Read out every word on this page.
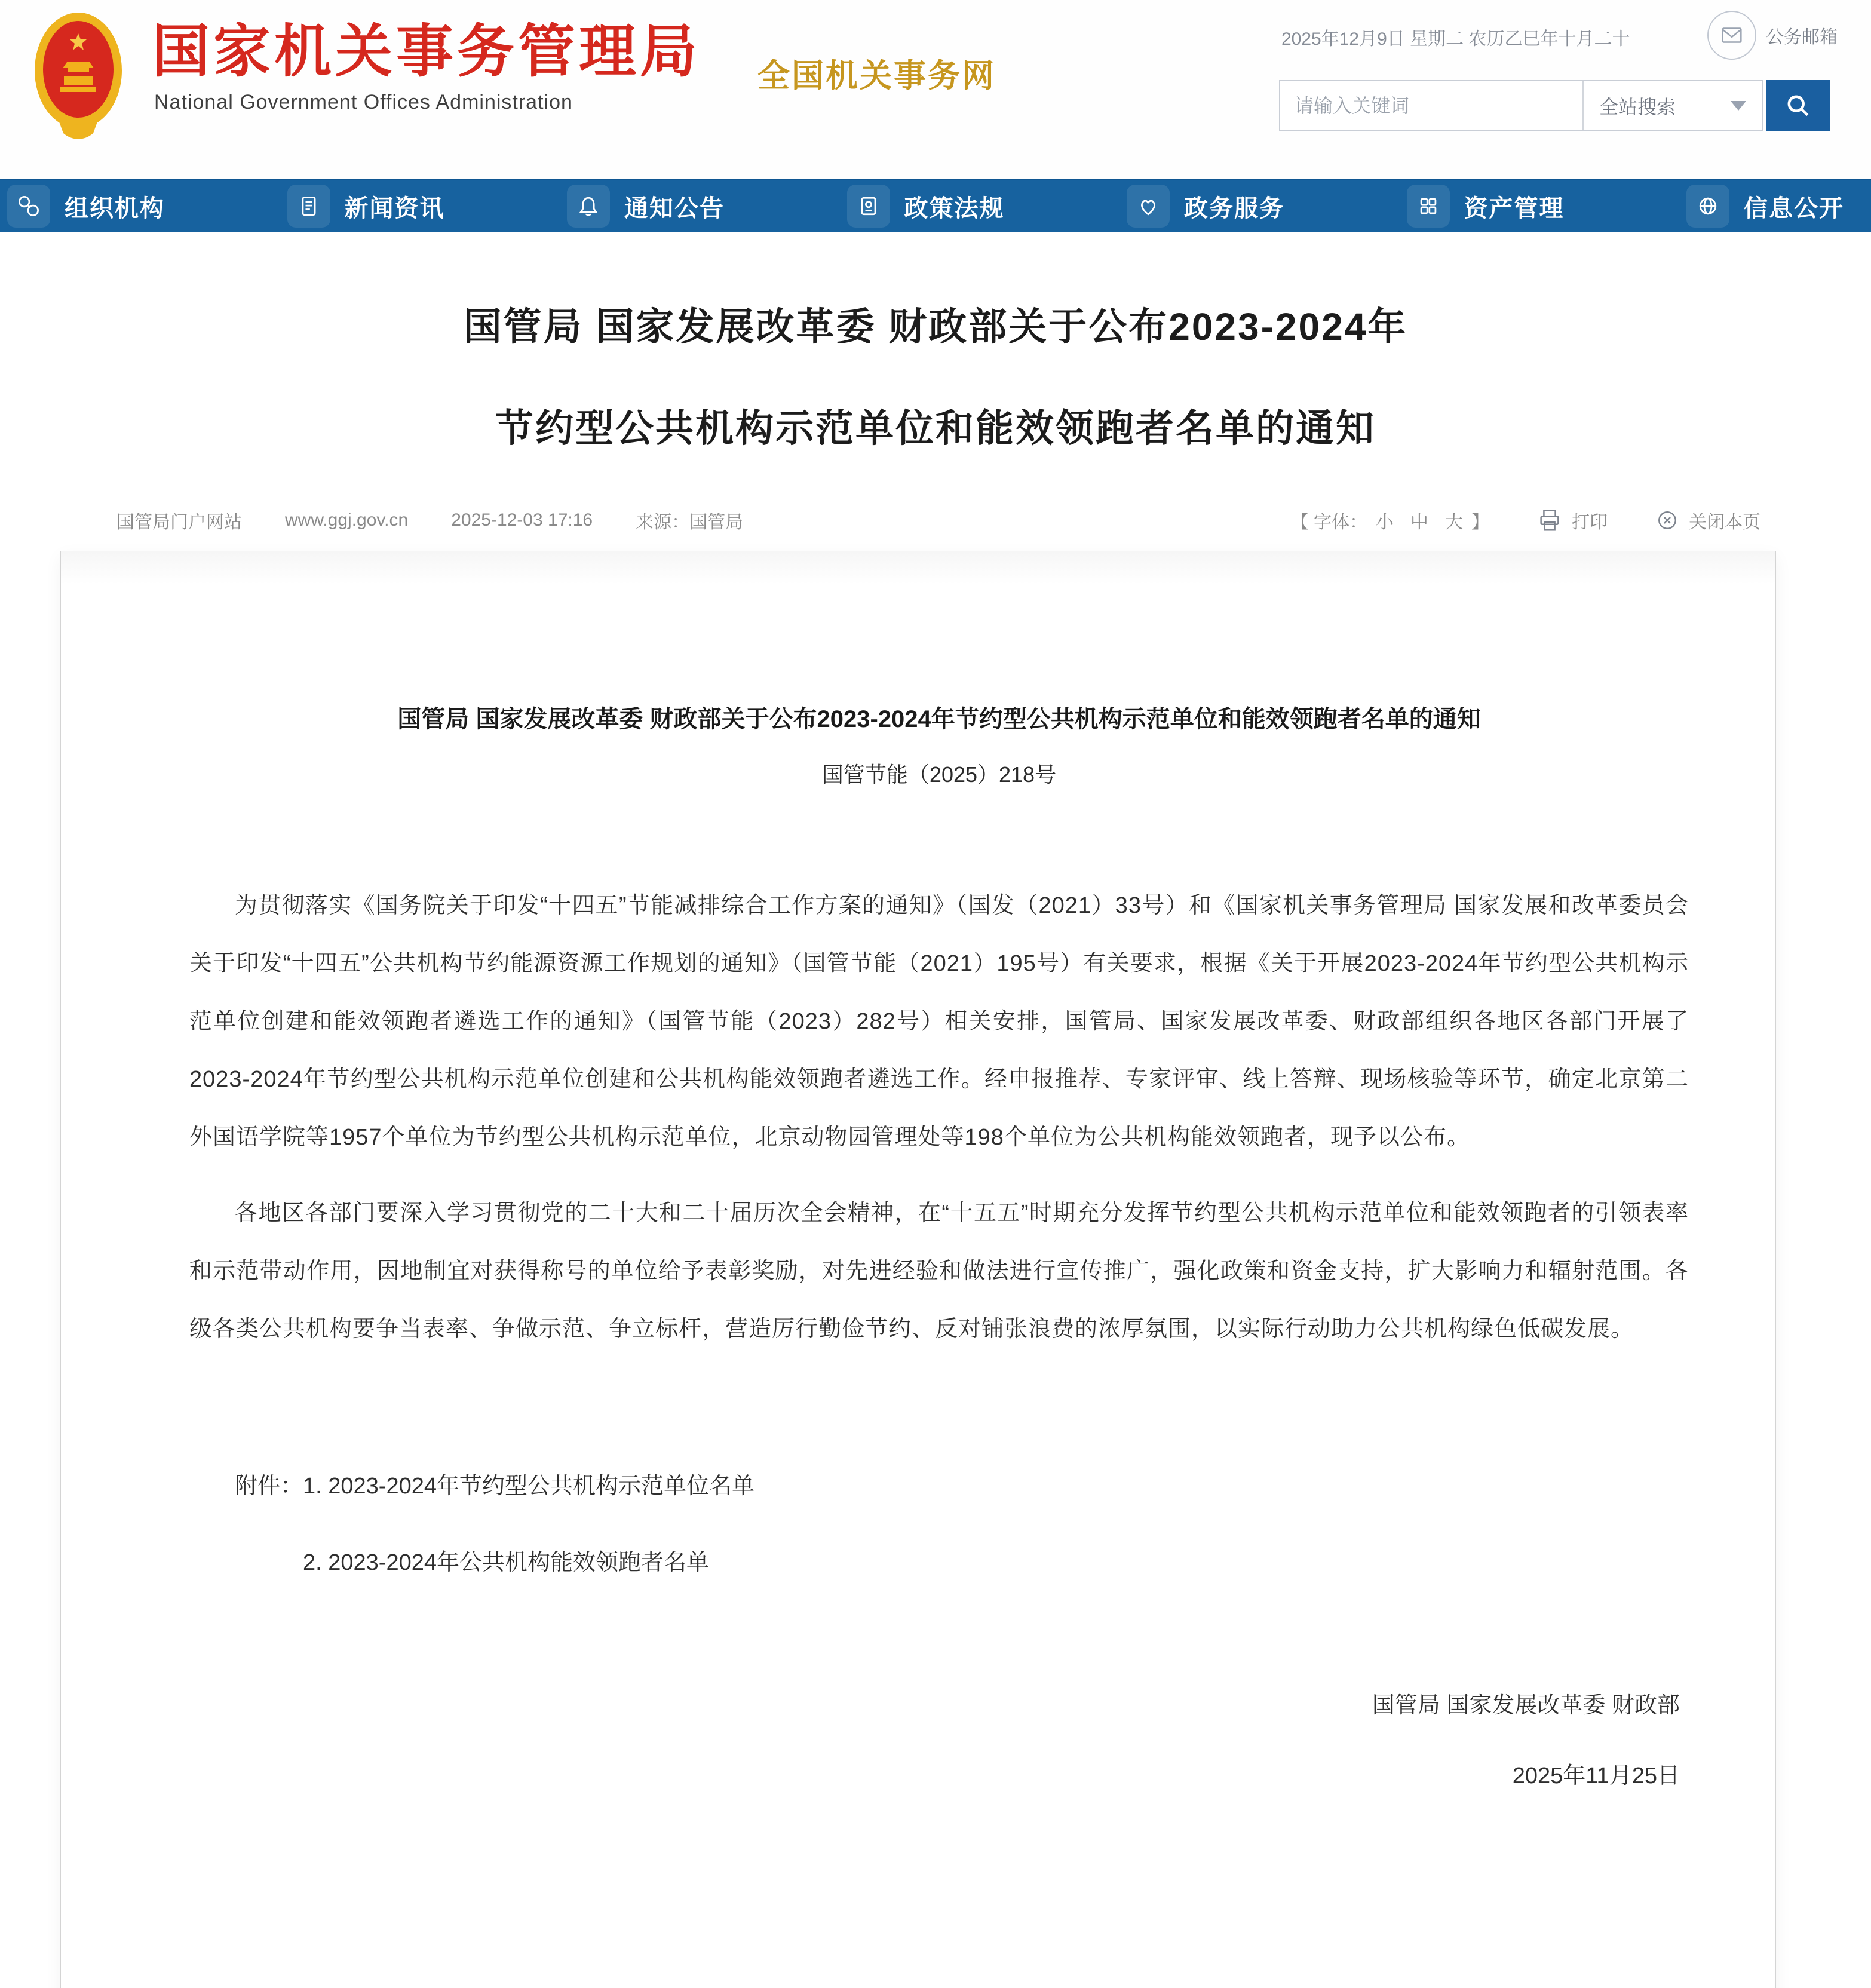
国家机关事务管理局
National Government Offices Administration
全国机关事务网
2025年12月9日 星期二 农历乙巳年十月二十	公务邮箱
请输入关键词
全站搜索
组织机构	新闻资讯	通知公告	政策法规	政务服务	资产管理	信息公开
国管局 国家发展改革委 财政部关于公布2023-2024年
节约型公共机构示范单位和能效领跑者名单的通知
国管局门户网站 www.ggj.gov.cn 2025-12-03 17:16 来源：国管局	【 字体： 小 中 大 】	打印	关闭本页
国管局 国家发展改革委 财政部关于公布2023-2024年节约型公共机构示范单位和能效领跑者名单的通知
国管节能（2025）218号

为贯彻落实《国务院关于印发“十四五”节能减排综合工作方案的通知》（国发（2021）33号）和《国家机关事务管理局 国家发展和改革委员会关于印发“十四五”公共机构节约能源资源工作规划的通知》（国管节能（2021）195号）有关要求，根据《关于开展2023-2024年节约型公共机构示范单位创建和能效领跑者遴选工作的通知》（国管节能（2023）282号）相关安排，国管局、国家发展改革委、财政部组织各地区各部门开展了2023-2024年节约型公共机构示范单位创建和公共机构能效领跑者遴选工作。经申报推荐、专家评审、线上答辩、现场核验等环节，确定北京第二外国语学院等1957个单位为节约型公共机构示范单位，北京动物园管理处等198个单位为公共机构能效领跑者，现予以公布。

各地区各部门要深入学习贯彻党的二十大和二十届历次全会精神，在“十五五”时期充分发挥节约型公共机构示范单位和能效领跑者的引领表率和示范带动作用，因地制宜对获得称号的单位给予表彰奖励，对先进经验和做法进行宣传推广，强化政策和资金支持，扩大影响力和辐射范围。各级各类公共机构要争当表率、争做示范、争立标杆，营造厉行勤俭节约、反对铺张浪费的浓厚氛围，以实际行动助力公共机构绿色低碳发展。

附件： 1. 2023-2024年节约型公共机构示范单位名单
2. 2023-2024年公共机构能效领跑者名单
国管局 国家发展改革委 财政部
2025年11月25日
